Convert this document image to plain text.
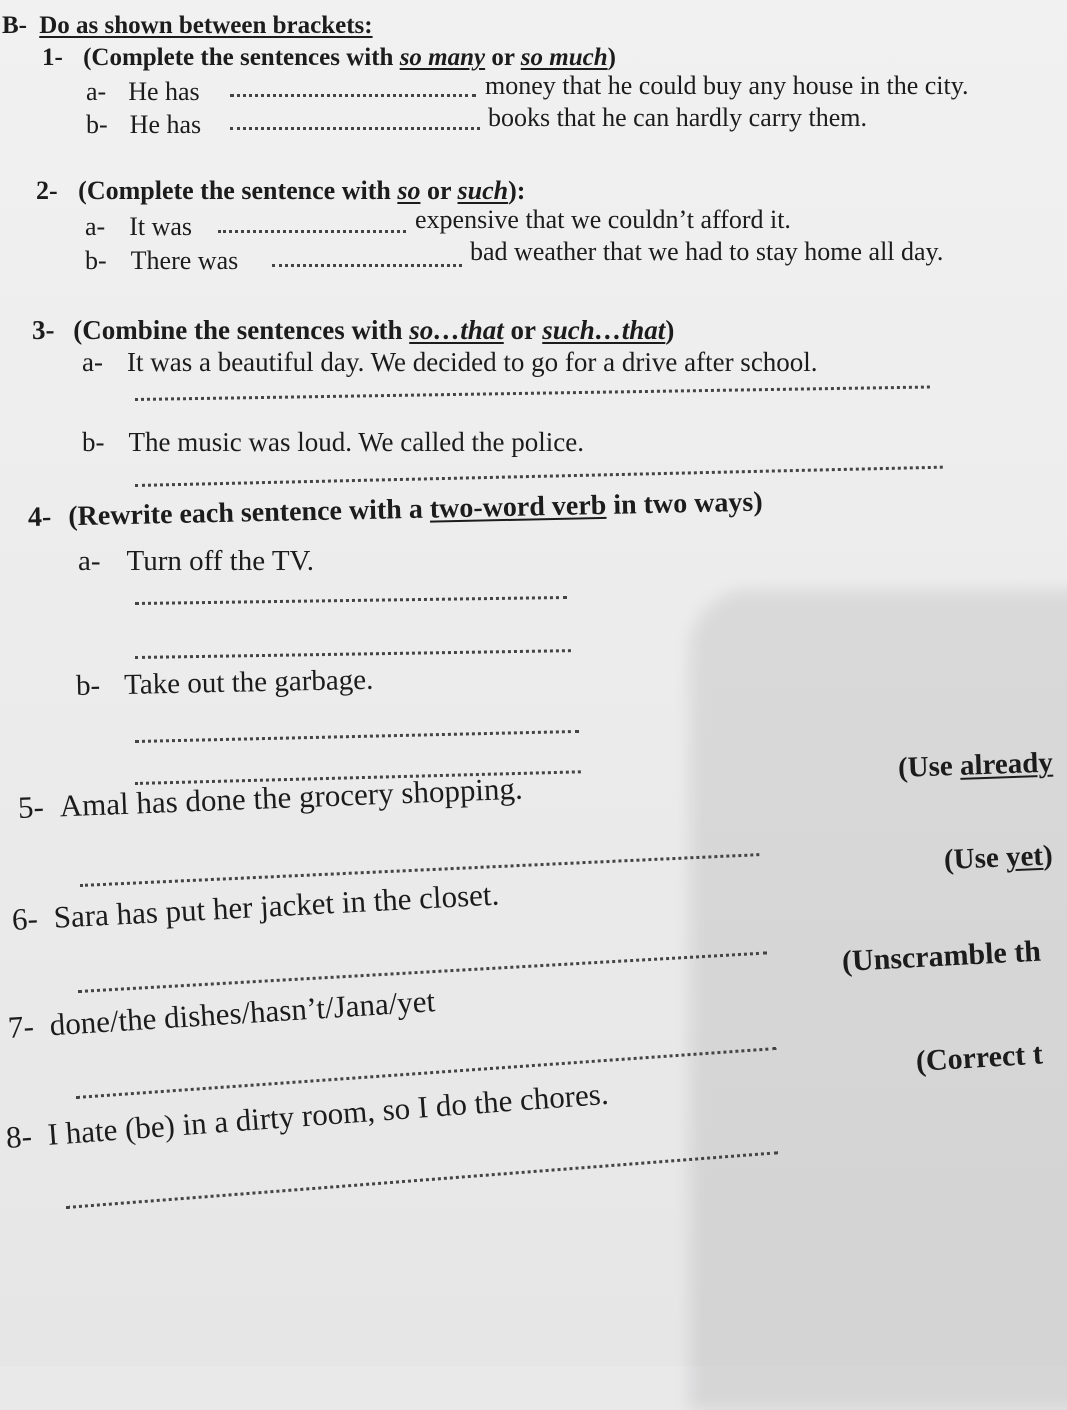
B- Do as shown between brackets:
1- (Complete the sentences with so many or so much)
a- He has	money that he could buy any house in the city.
b- He has	books that he can hardly carry them.
2- (Complete the sentence with so or such):
a- It was	expensive that we couldn’t afford it.
b- There was	bad weather that we had to stay home all day.
3- (Combine the sentences with so…that or such…that)
a- It was a beautiful day. We decided to go for a drive after school.
b- The music was loud. We called the police.
4- (Rewrite each sentence with a two-word verb in two ways)
a- Turn off the TV.
b- Take out the garbage.
5- Amal has done the grocery shopping.
(Use already
6- Sara has put her jacket in the closet.
(Use yet)
7- done/the dishes/hasn’t/Jana/yet
(Unscramble th
8- I hate (be) in a dirty room, so I do the chores.
(Correct t
